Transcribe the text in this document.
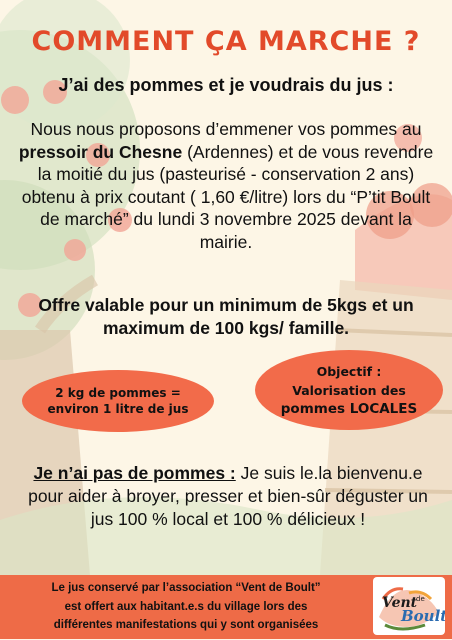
COMMENT ÇA MARCHE ?
J’ai des pommes et je voudrais du jus :
Nous nous proposons d’emmener vos pommes au pressoir du Chesne (Ardennes) et de vous revendre la moitié du jus (pasteurisé - conservation 2 ans) obtenu à prix coutant ( 1,60 €/litre) lors du “P’tit Boult de marché” du lundi 3 novembre 2025 devant la mairie.
Offre valable pour un minimum de 5kgs et un maximum de 100 kgs/ famille.
2 kg de pommes =
environ 1 litre de jus
Objectif :
Valorisation des
pommes LOCALES
Je n’ai pas de pommes : Je suis le.la bienvenu.e pour aider à broyer, presser et bien-sûr déguster un jus 100 % local et 100 % délicieux !
Le jus conservé par l’association “Vent de Boult”
est offert aux habitant.e.s du village lors des
différentes manifestations qui y sont organisées
Vent
de
Boult
